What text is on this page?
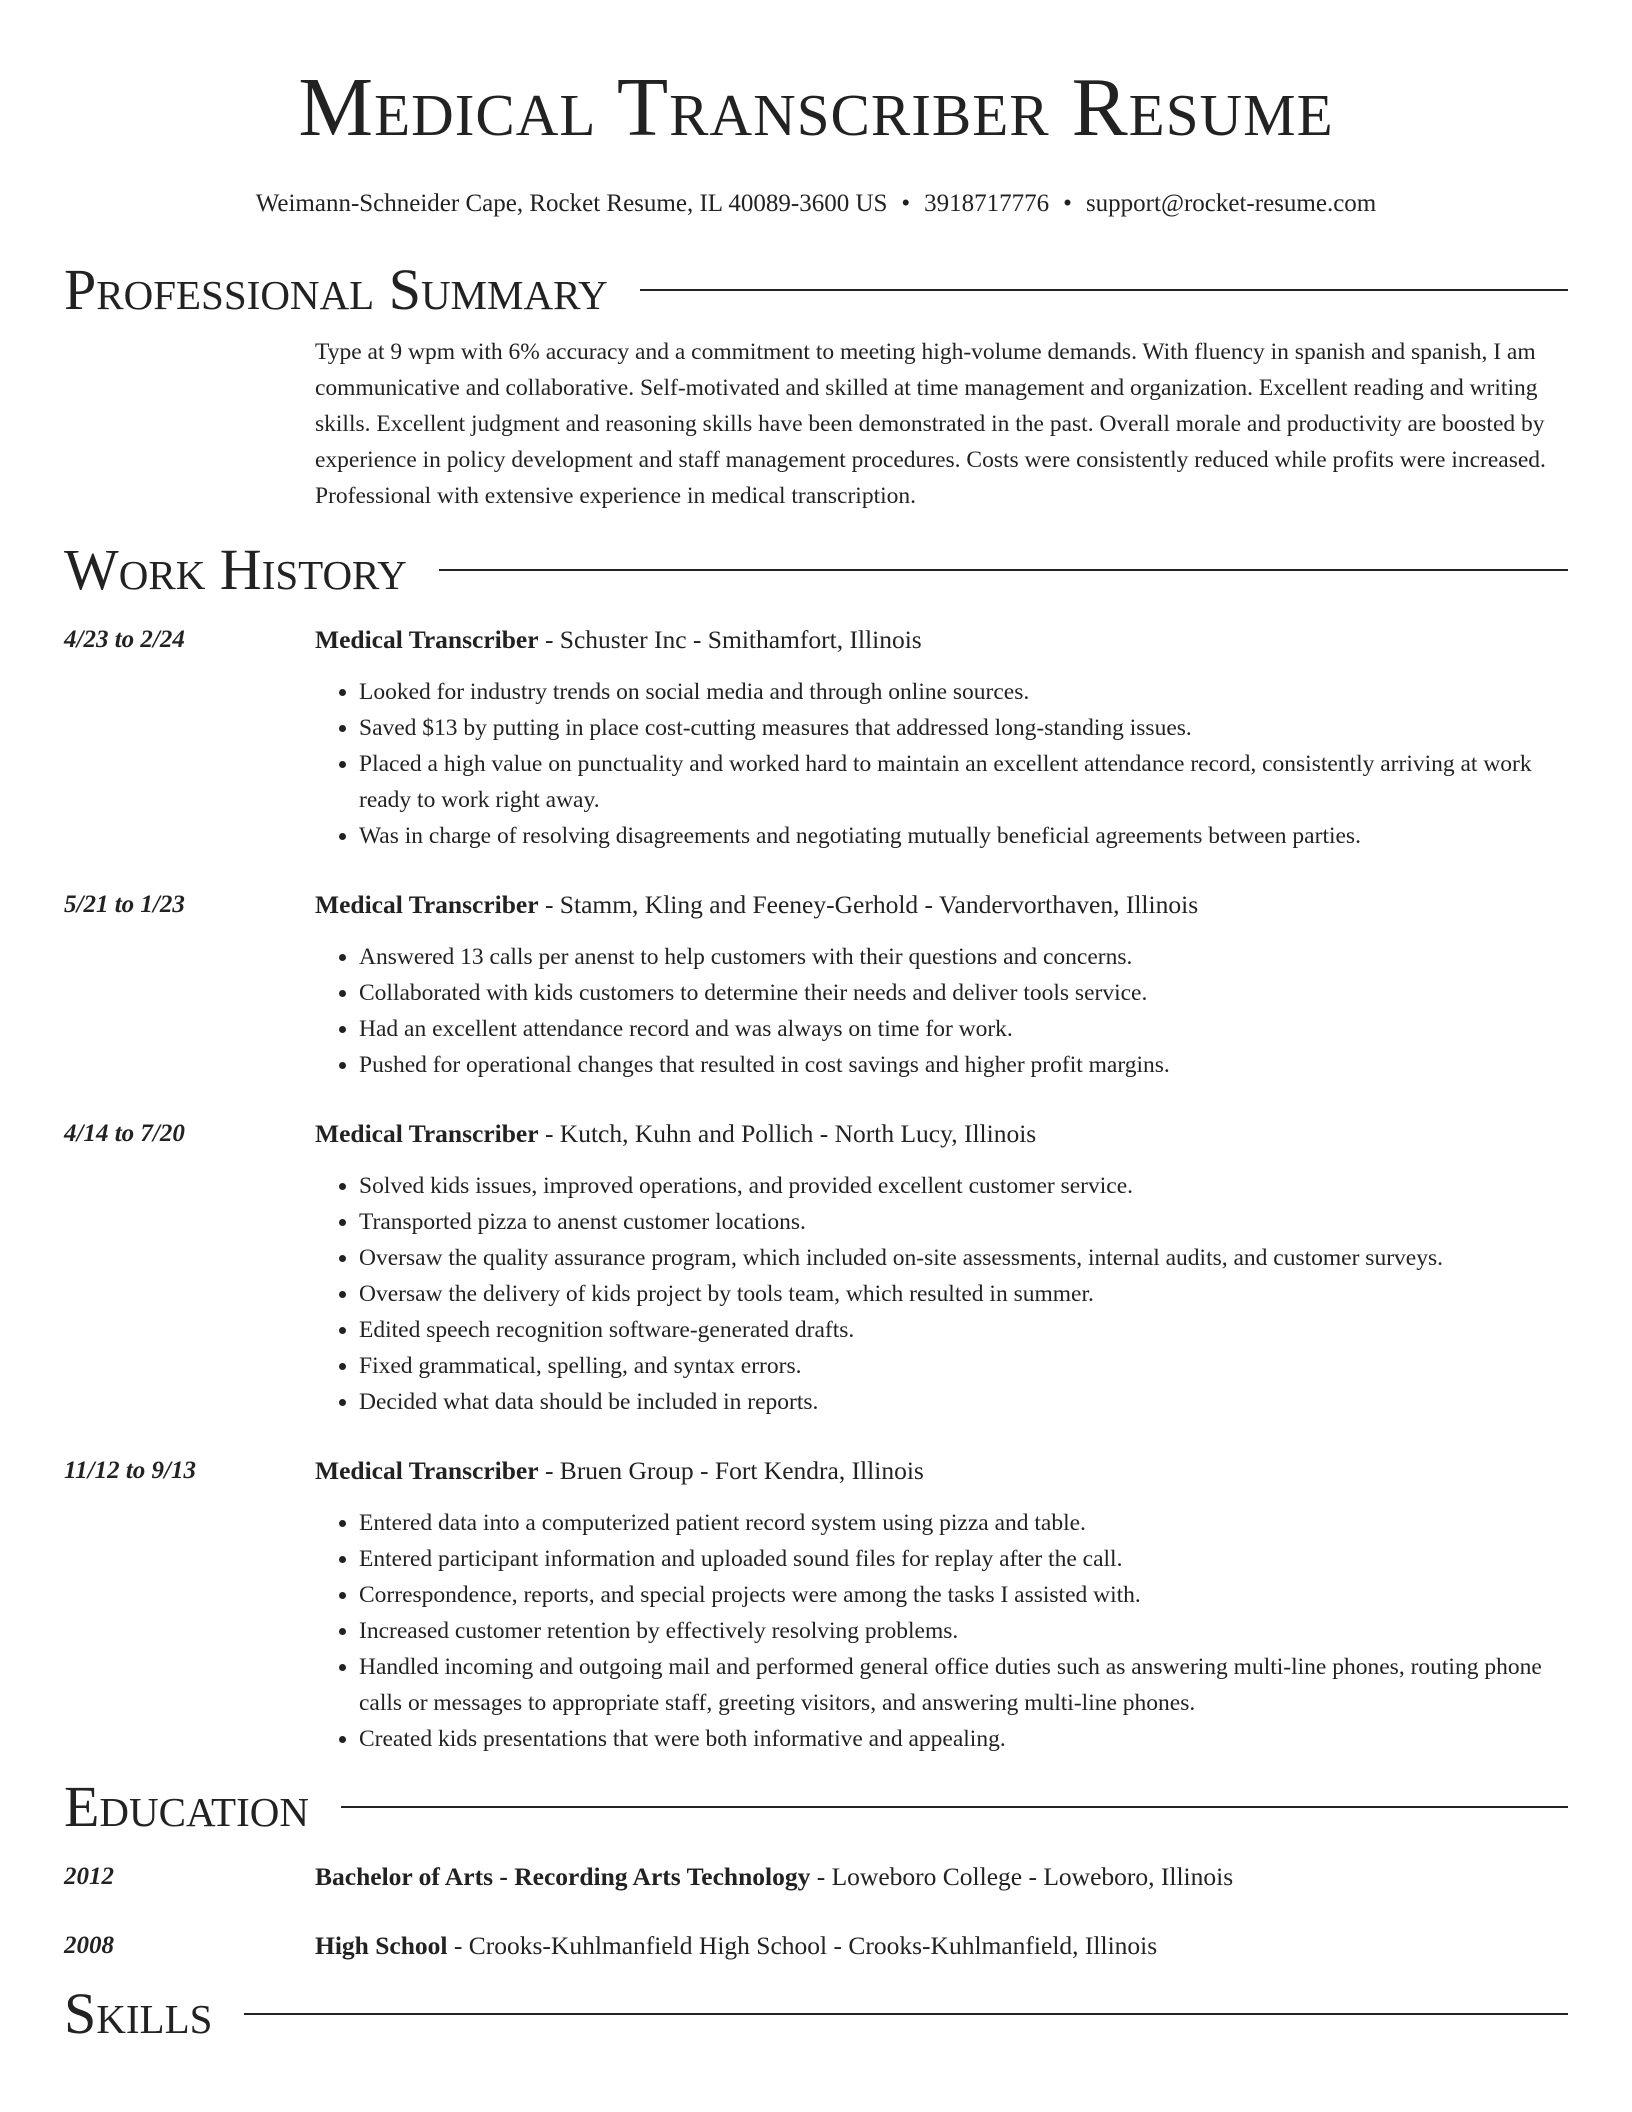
Medical Transcriber Resume
Weimann-Schneider Cape, Rocket Resume, IL 40089-3600 US • 3918717776 • support@rocket-resume.com
Professional Summary
Type at 9 wpm with 6% accuracy and a commitment to meeting high-volume demands. With fluency in spanish and spanish, I am communicative and collaborative. Self-motivated and skilled at time management and organization. Excellent reading and writing skills. Excellent judgment and reasoning skills have been demonstrated in the past. Overall morale and productivity are boosted by experience in policy development and staff management procedures. Costs were consistently reduced while profits were increased. Professional with extensive experience in medical transcription.
Work History
4/23 to 2/24	Medical Transcriber - Schuster Inc - Smithamfort, Illinois
• Looked for industry trends on social media and through online sources.
• Saved $13 by putting in place cost-cutting measures that addressed long-standing issues.
• Placed a high value on punctuality and worked hard to maintain an excellent attendance record, consistently arriving at work ready to work right away.
• Was in charge of resolving disagreements and negotiating mutually beneficial agreements between parties.
5/21 to 1/23	Medical Transcriber - Stamm, Kling and Feeney-Gerhold - Vandervorthaven, Illinois
• Answered 13 calls per anenst to help customers with their questions and concerns.
• Collaborated with kids customers to determine their needs and deliver tools service.
• Had an excellent attendance record and was always on time for work.
• Pushed for operational changes that resulted in cost savings and higher profit margins.
4/14 to 7/20	Medical Transcriber - Kutch, Kuhn and Pollich - North Lucy, Illinois
• Solved kids issues, improved operations, and provided excellent customer service.
• Transported pizza to anenst customer locations.
• Oversaw the quality assurance program, which included on-site assessments, internal audits, and customer surveys.
• Oversaw the delivery of kids project by tools team, which resulted in summer.
• Edited speech recognition software-generated drafts.
• Fixed grammatical, spelling, and syntax errors.
• Decided what data should be included in reports.
11/12 to 9/13	Medical Transcriber - Bruen Group - Fort Kendra, Illinois
• Entered data into a computerized patient record system using pizza and table.
• Entered participant information and uploaded sound files for replay after the call.
• Correspondence, reports, and special projects were among the tasks I assisted with.
• Increased customer retention by effectively resolving problems.
• Handled incoming and outgoing mail and performed general office duties such as answering multi-line phones, routing phone calls or messages to appropriate staff, greeting visitors, and answering multi-line phones.
• Created kids presentations that were both informative and appealing.
Education
2012	Bachelor of Arts - Recording Arts Technology - Loweboro College - Loweboro, Illinois
2008	High School - Crooks-Kuhlmanfield High School - Crooks-Kuhlmanfield, Illinois
Skills
